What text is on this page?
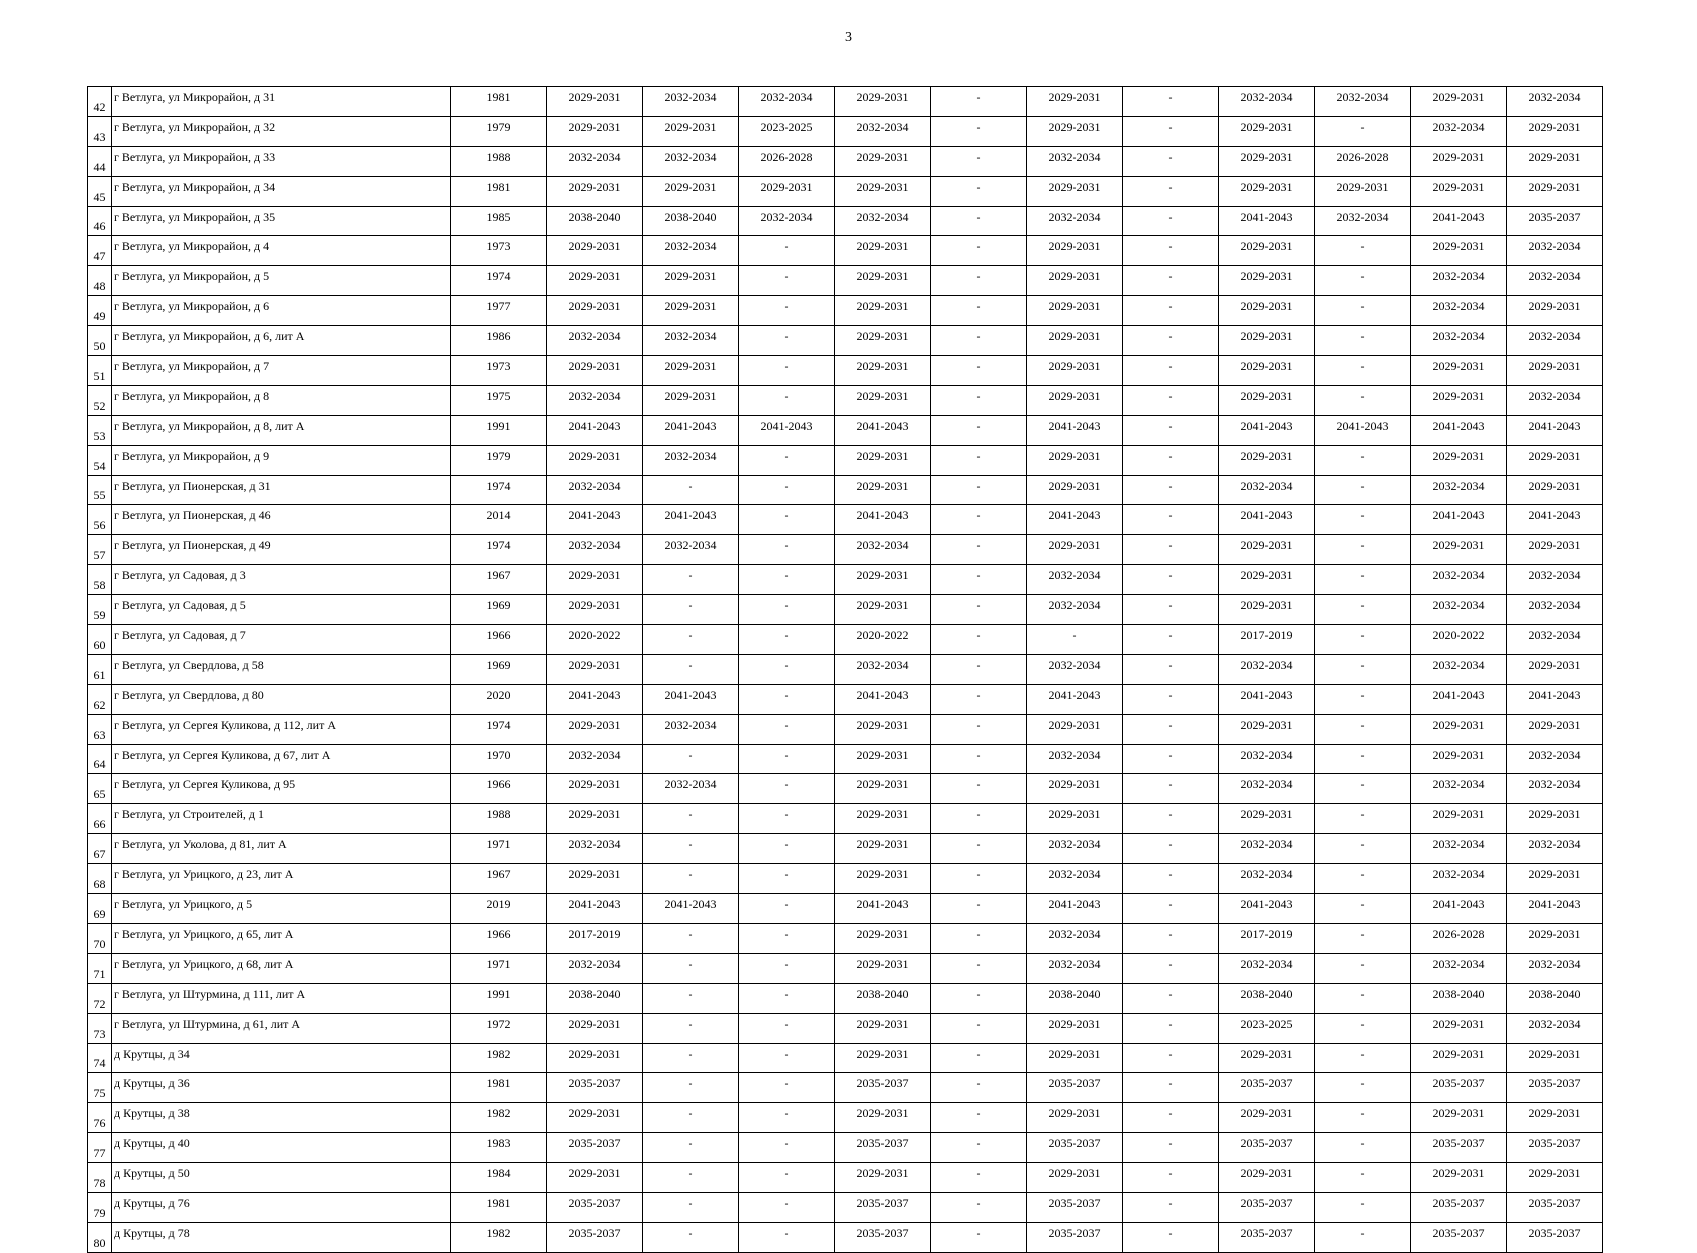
3
42	г Ветлуга, ул Микрорайон, д 31	1981	2029-2031	2032-2034	2032-2034	2029-2031	-	2029-2031	-	2032-2034	2032-2034	2029-2031	2032-2034
43	г Ветлуга, ул Микрорайон, д 32	1979	2029-2031	2029-2031	2023-2025	2032-2034	-	2029-2031	-	2029-2031	-	2032-2034	2029-2031
44	г Ветлуга, ул Микрорайон, д 33	1988	2032-2034	2032-2034	2026-2028	2029-2031	-	2032-2034	-	2029-2031	2026-2028	2029-2031	2029-2031
45	г Ветлуга, ул Микрорайон, д 34	1981	2029-2031	2029-2031	2029-2031	2029-2031	-	2029-2031	-	2029-2031	2029-2031	2029-2031	2029-2031
46	г Ветлуга, ул Микрорайон, д 35	1985	2038-2040	2038-2040	2032-2034	2032-2034	-	2032-2034	-	2041-2043	2032-2034	2041-2043	2035-2037
47	г Ветлуга, ул Микрорайон, д 4	1973	2029-2031	2032-2034	-	2029-2031	-	2029-2031	-	2029-2031	-	2029-2031	2032-2034
48	г Ветлуга, ул Микрорайон, д 5	1974	2029-2031	2029-2031	-	2029-2031	-	2029-2031	-	2029-2031	-	2032-2034	2032-2034
49	г Ветлуга, ул Микрорайон, д 6	1977	2029-2031	2029-2031	-	2029-2031	-	2029-2031	-	2029-2031	-	2032-2034	2029-2031
50	г Ветлуга, ул Микрорайон, д 6, лит А	1986	2032-2034	2032-2034	-	2029-2031	-	2029-2031	-	2029-2031	-	2032-2034	2032-2034
51	г Ветлуга, ул Микрорайон, д 7	1973	2029-2031	2029-2031	-	2029-2031	-	2029-2031	-	2029-2031	-	2029-2031	2029-2031
52	г Ветлуга, ул Микрорайон, д 8	1975	2032-2034	2029-2031	-	2029-2031	-	2029-2031	-	2029-2031	-	2029-2031	2032-2034
53	г Ветлуга, ул Микрорайон, д 8, лит А	1991	2041-2043	2041-2043	2041-2043	2041-2043	-	2041-2043	-	2041-2043	2041-2043	2041-2043	2041-2043
54	г Ветлуга, ул Микрорайон, д 9	1979	2029-2031	2032-2034	-	2029-2031	-	2029-2031	-	2029-2031	-	2029-2031	2029-2031
55	г Ветлуга, ул Пионерская, д 31	1974	2032-2034	-	-	2029-2031	-	2029-2031	-	2032-2034	-	2032-2034	2029-2031
56	г Ветлуга, ул Пионерская, д 46	2014	2041-2043	2041-2043	-	2041-2043	-	2041-2043	-	2041-2043	-	2041-2043	2041-2043
57	г Ветлуга, ул Пионерская, д 49	1974	2032-2034	2032-2034	-	2032-2034	-	2029-2031	-	2029-2031	-	2029-2031	2029-2031
58	г Ветлуга, ул Садовая, д 3	1967	2029-2031	-	-	2029-2031	-	2032-2034	-	2029-2031	-	2032-2034	2032-2034
59	г Ветлуга, ул Садовая, д 5	1969	2029-2031	-	-	2029-2031	-	2032-2034	-	2029-2031	-	2032-2034	2032-2034
60	г Ветлуга, ул Садовая, д 7	1966	2020-2022	-	-	2020-2022	-	-	-	2017-2019	-	2020-2022	2032-2034
61	г Ветлуга, ул Свердлова, д 58	1969	2029-2031	-	-	2032-2034	-	2032-2034	-	2032-2034	-	2032-2034	2029-2031
62	г Ветлуга, ул Свердлова, д 80	2020	2041-2043	2041-2043	-	2041-2043	-	2041-2043	-	2041-2043	-	2041-2043	2041-2043
63	г Ветлуга, ул Сергея Куликова, д 112, лит А	1974	2029-2031	2032-2034	-	2029-2031	-	2029-2031	-	2029-2031	-	2029-2031	2029-2031
64	г Ветлуга, ул Сергея Куликова, д 67, лит А	1970	2032-2034	-	-	2029-2031	-	2032-2034	-	2032-2034	-	2029-2031	2032-2034
65	г Ветлуга, ул Сергея Куликова, д 95	1966	2029-2031	2032-2034	-	2029-2031	-	2029-2031	-	2032-2034	-	2032-2034	2032-2034
66	г Ветлуга, ул Строителей, д 1	1988	2029-2031	-	-	2029-2031	-	2029-2031	-	2029-2031	-	2029-2031	2029-2031
67	г Ветлуга, ул Уколова, д 81, лит А	1971	2032-2034	-	-	2029-2031	-	2032-2034	-	2032-2034	-	2032-2034	2032-2034
68	г Ветлуга, ул Урицкого, д 23, лит А	1967	2029-2031	-	-	2029-2031	-	2032-2034	-	2032-2034	-	2032-2034	2029-2031
69	г Ветлуга, ул Урицкого, д 5	2019	2041-2043	2041-2043	-	2041-2043	-	2041-2043	-	2041-2043	-	2041-2043	2041-2043
70	г Ветлуга, ул Урицкого, д 65, лит А	1966	2017-2019	-	-	2029-2031	-	2032-2034	-	2017-2019	-	2026-2028	2029-2031
71	г Ветлуга, ул Урицкого, д 68, лит А	1971	2032-2034	-	-	2029-2031	-	2032-2034	-	2032-2034	-	2032-2034	2032-2034
72	г Ветлуга, ул Штурмина, д 111, лит А	1991	2038-2040	-	-	2038-2040	-	2038-2040	-	2038-2040	-	2038-2040	2038-2040
73	г Ветлуга, ул Штурмина, д 61, лит А	1972	2029-2031	-	-	2029-2031	-	2029-2031	-	2023-2025	-	2029-2031	2032-2034
74	д Крутцы, д 34	1982	2029-2031	-	-	2029-2031	-	2029-2031	-	2029-2031	-	2029-2031	2029-2031
75	д Крутцы, д 36	1981	2035-2037	-	-	2035-2037	-	2035-2037	-	2035-2037	-	2035-2037	2035-2037
76	д Крутцы, д 38	1982	2029-2031	-	-	2029-2031	-	2029-2031	-	2029-2031	-	2029-2031	2029-2031
77	д Крутцы, д 40	1983	2035-2037	-	-	2035-2037	-	2035-2037	-	2035-2037	-	2035-2037	2035-2037
78	д Крутцы, д 50	1984	2029-2031	-	-	2029-2031	-	2029-2031	-	2029-2031	-	2029-2031	2029-2031
79	д Крутцы, д 76	1981	2035-2037	-	-	2035-2037	-	2035-2037	-	2035-2037	-	2035-2037	2035-2037
80	д Крутцы, д 78	1982	2035-2037	-	-	2035-2037	-	2035-2037	-	2035-2037	-	2035-2037	2035-2037
